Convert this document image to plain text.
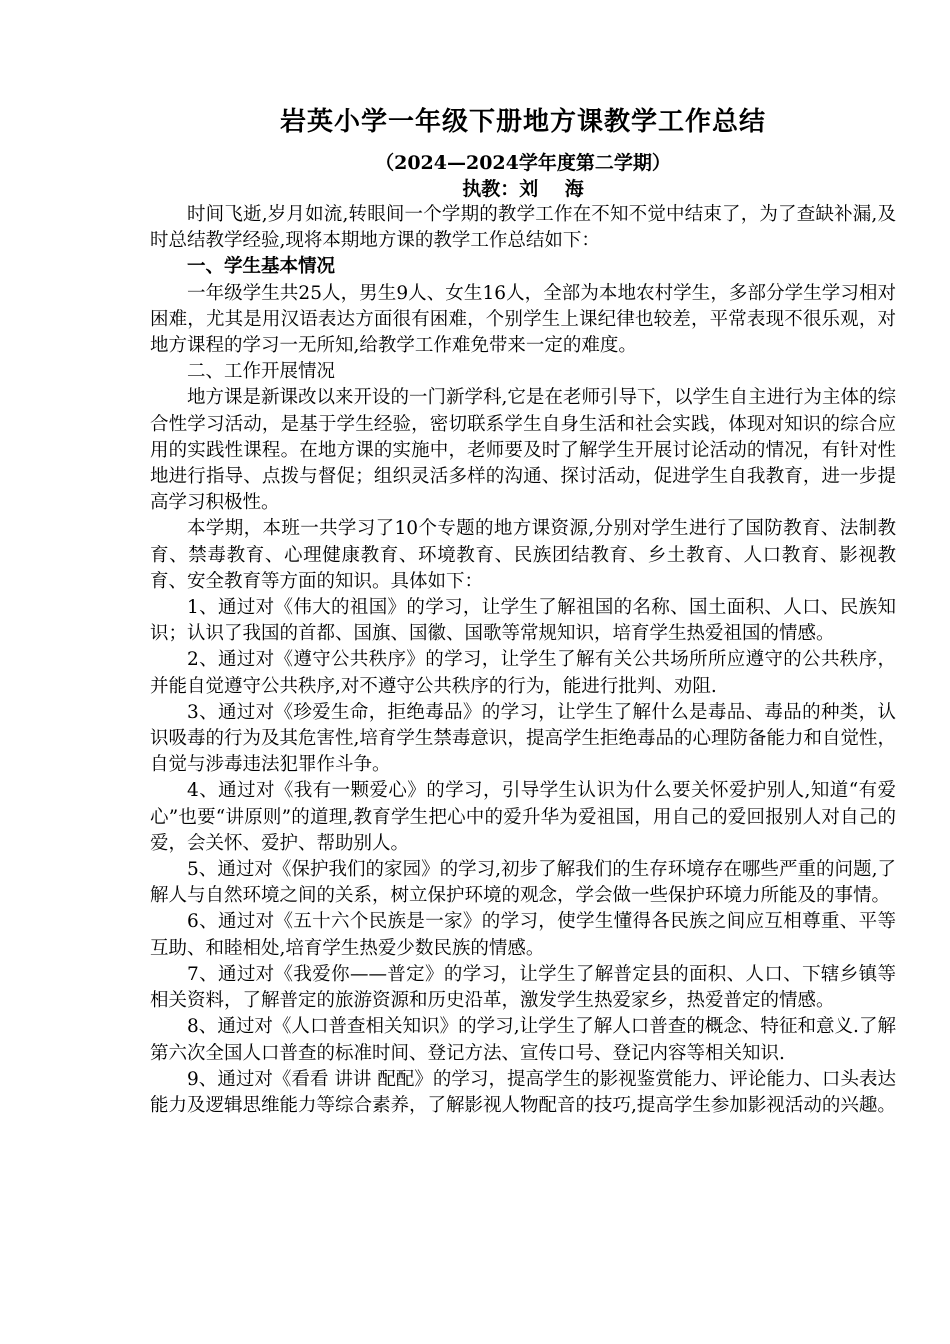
岩英小学一年级下册地方课教学工作总结

（2024—2024学年度第二学期）

执教：刘    海

时间飞逝,岁月如流,转眼间一个学期的教学工作在不知不觉中结束了，为了查缺补漏,及时总结教学经验,现将本期地方课的教学工作总结如下：

一、学生基本情况

一年级学生共25人，男生9人、女生16人，全部为本地农村学生，多部分学生学习相对困难，尤其是用汉语表达方面很有困难，个别学生上课纪律也较差，平常表现不很乐观，对地方课程的学习一无所知,给教学工作难免带来一定的难度。

二、工作开展情况

地方课是新课改以来开设的一门新学科,它是在老师引导下，以学生自主进行为主体的综合性学习活动，是基于学生经验，密切联系学生自身生活和社会实践，体现对知识的综合应用的实践性课程。在地方课的实施中，老师要及时了解学生开展讨论活动的情况，有针对性地进行指导、点拨与督促；组织灵活多样的沟通、探讨活动，促进学生自我教育，进一步提高学习积极性。

本学期，本班一共学习了10个专题的地方课资源,分别对学生进行了国防教育、法制教育、禁毒教育、心理健康教育、环境教育、民族团结教育、乡土教育、人口教育、影视教育、安全教育等方面的知识。具体如下：

1、通过对《伟大的祖国》的学习，让学生了解祖国的名称、国土面积、人口、民族知识；认识了我国的首都、国旗、国徽、国歌等常规知识，培育学生热爱祖国的情感。

2、通过对《遵守公共秩序》的学习，让学生了解有关公共场所所应遵守的公共秩序，并能自觉遵守公共秩序,对不遵守公共秩序的行为，能进行批判、劝阻.

3、通过对《珍爱生命，拒绝毒品》的学习，让学生了解什么是毒品、毒品的种类，认识吸毒的行为及其危害性,培育学生禁毒意识，提高学生拒绝毒品的心理防备能力和自觉性，自觉与涉毒违法犯罪作斗争。

4、通过对《我有一颗爱心》的学习，引导学生认识为什么要关怀爱护别人,知道“有爱心”也要“讲原则”的道理,教育学生把心中的爱升华为爱祖国，用自己的爱回报别人对自己的爱，会关怀、爱护、帮助别人。

5、通过对《保护我们的家园》的学习,初步了解我们的生存环境存在哪些严重的问题,了解人与自然环境之间的关系，树立保护环境的观念，学会做一些保护环境力所能及的事情。

6、通过对《五十六个民族是一家》的学习，使学生懂得各民族之间应互相尊重、平等互助、和睦相处,培育学生热爱少数民族的情感。

7、通过对《我爱你——普定》的学习，让学生了解普定县的面积、人口、下辖乡镇等相关资料，了解普定的旅游资源和历史沿革，激发学生热爱家乡，热爱普定的情感。

8、通过对《人口普查相关知识》的学习,让学生了解人口普查的概念、特征和意义.了解第六次全国人口普查的标准时间、登记方法、宣传口号、登记内容等相关知识.

9、通过对《看看 讲讲 配配》的学习，提高学生的影视鉴赏能力、评论能力、口头表达能力及逻辑思维能力等综合素养，了解影视人物配音的技巧,提高学生参加影视活动的兴趣。
